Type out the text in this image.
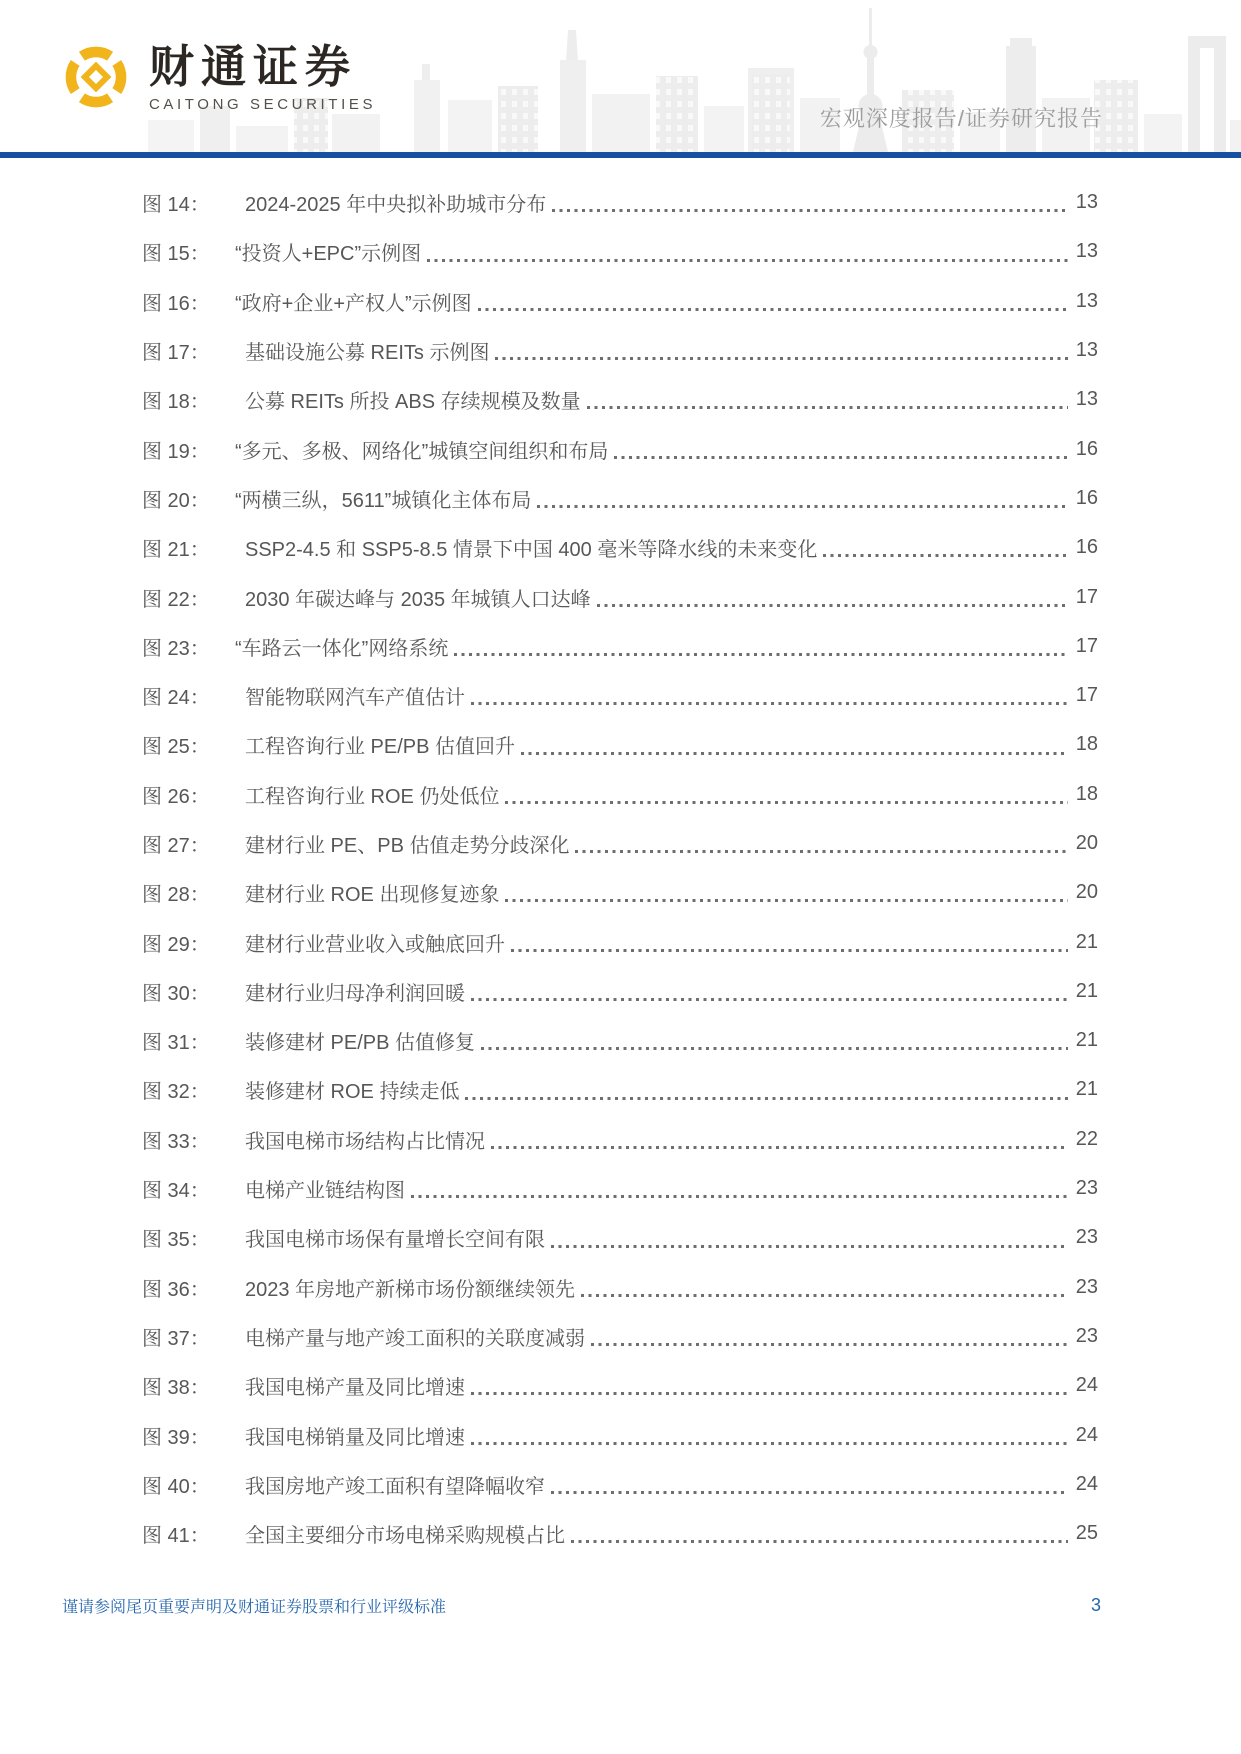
财通证券
CAITONG SECURITIES
宏观深度报告/证券研究报告
图 14：	2024-2025 年中央拟补助城市分布	13
图 15：	“投资人+EPC”示例图	13
图 16：	“政府+企业+产权人”示例图	13
图 17：	基础设施公募 REITs 示例图	13
图 18：	公募 REITs 所投 ABS 存续规模及数量	13
图 19：	“多元、多极、网络化”城镇空间组织和布局	16
图 20：	“两横三纵，5611”城镇化主体布局	16
图 21：	SSP2-4.5 和 SSP5-8.5 情景下中国 400 毫米等降水线的未来变化	16
图 22：	2030 年碳达峰与 2035 年城镇人口达峰	17
图 23：	“车路云一体化”网络系统	17
图 24：	智能物联网汽车产值估计	17
图 25：	工程咨询行业 PE/PB 估值回升	18
图 26：	工程咨询行业 ROE 仍处低位	18
图 27：	建材行业 PE、PB 估值走势分歧深化	20
图 28：	建材行业 ROE 出现修复迹象	20
图 29：	建材行业营业收入或触底回升	21
图 30：	建材行业归母净利润回暖	21
图 31：	装修建材 PE/PB 估值修复	21
图 32：	装修建材 ROE 持续走低	21
图 33：	我国电梯市场结构占比情况	22
图 34：	电梯产业链结构图	23
图 35：	我国电梯市场保有量增长空间有限	23
图 36：	2023 年房地产新梯市场份额继续领先	23
图 37：	电梯产量与地产竣工面积的关联度减弱	23
图 38：	我国电梯产量及同比增速	24
图 39：	我国电梯销量及同比增速	24
图 40：	我国房地产竣工面积有望降幅收窄	24
图 41：	全国主要细分市场电梯采购规模占比	25
谨请参阅尾页重要声明及财通证券股票和行业评级标准	3
